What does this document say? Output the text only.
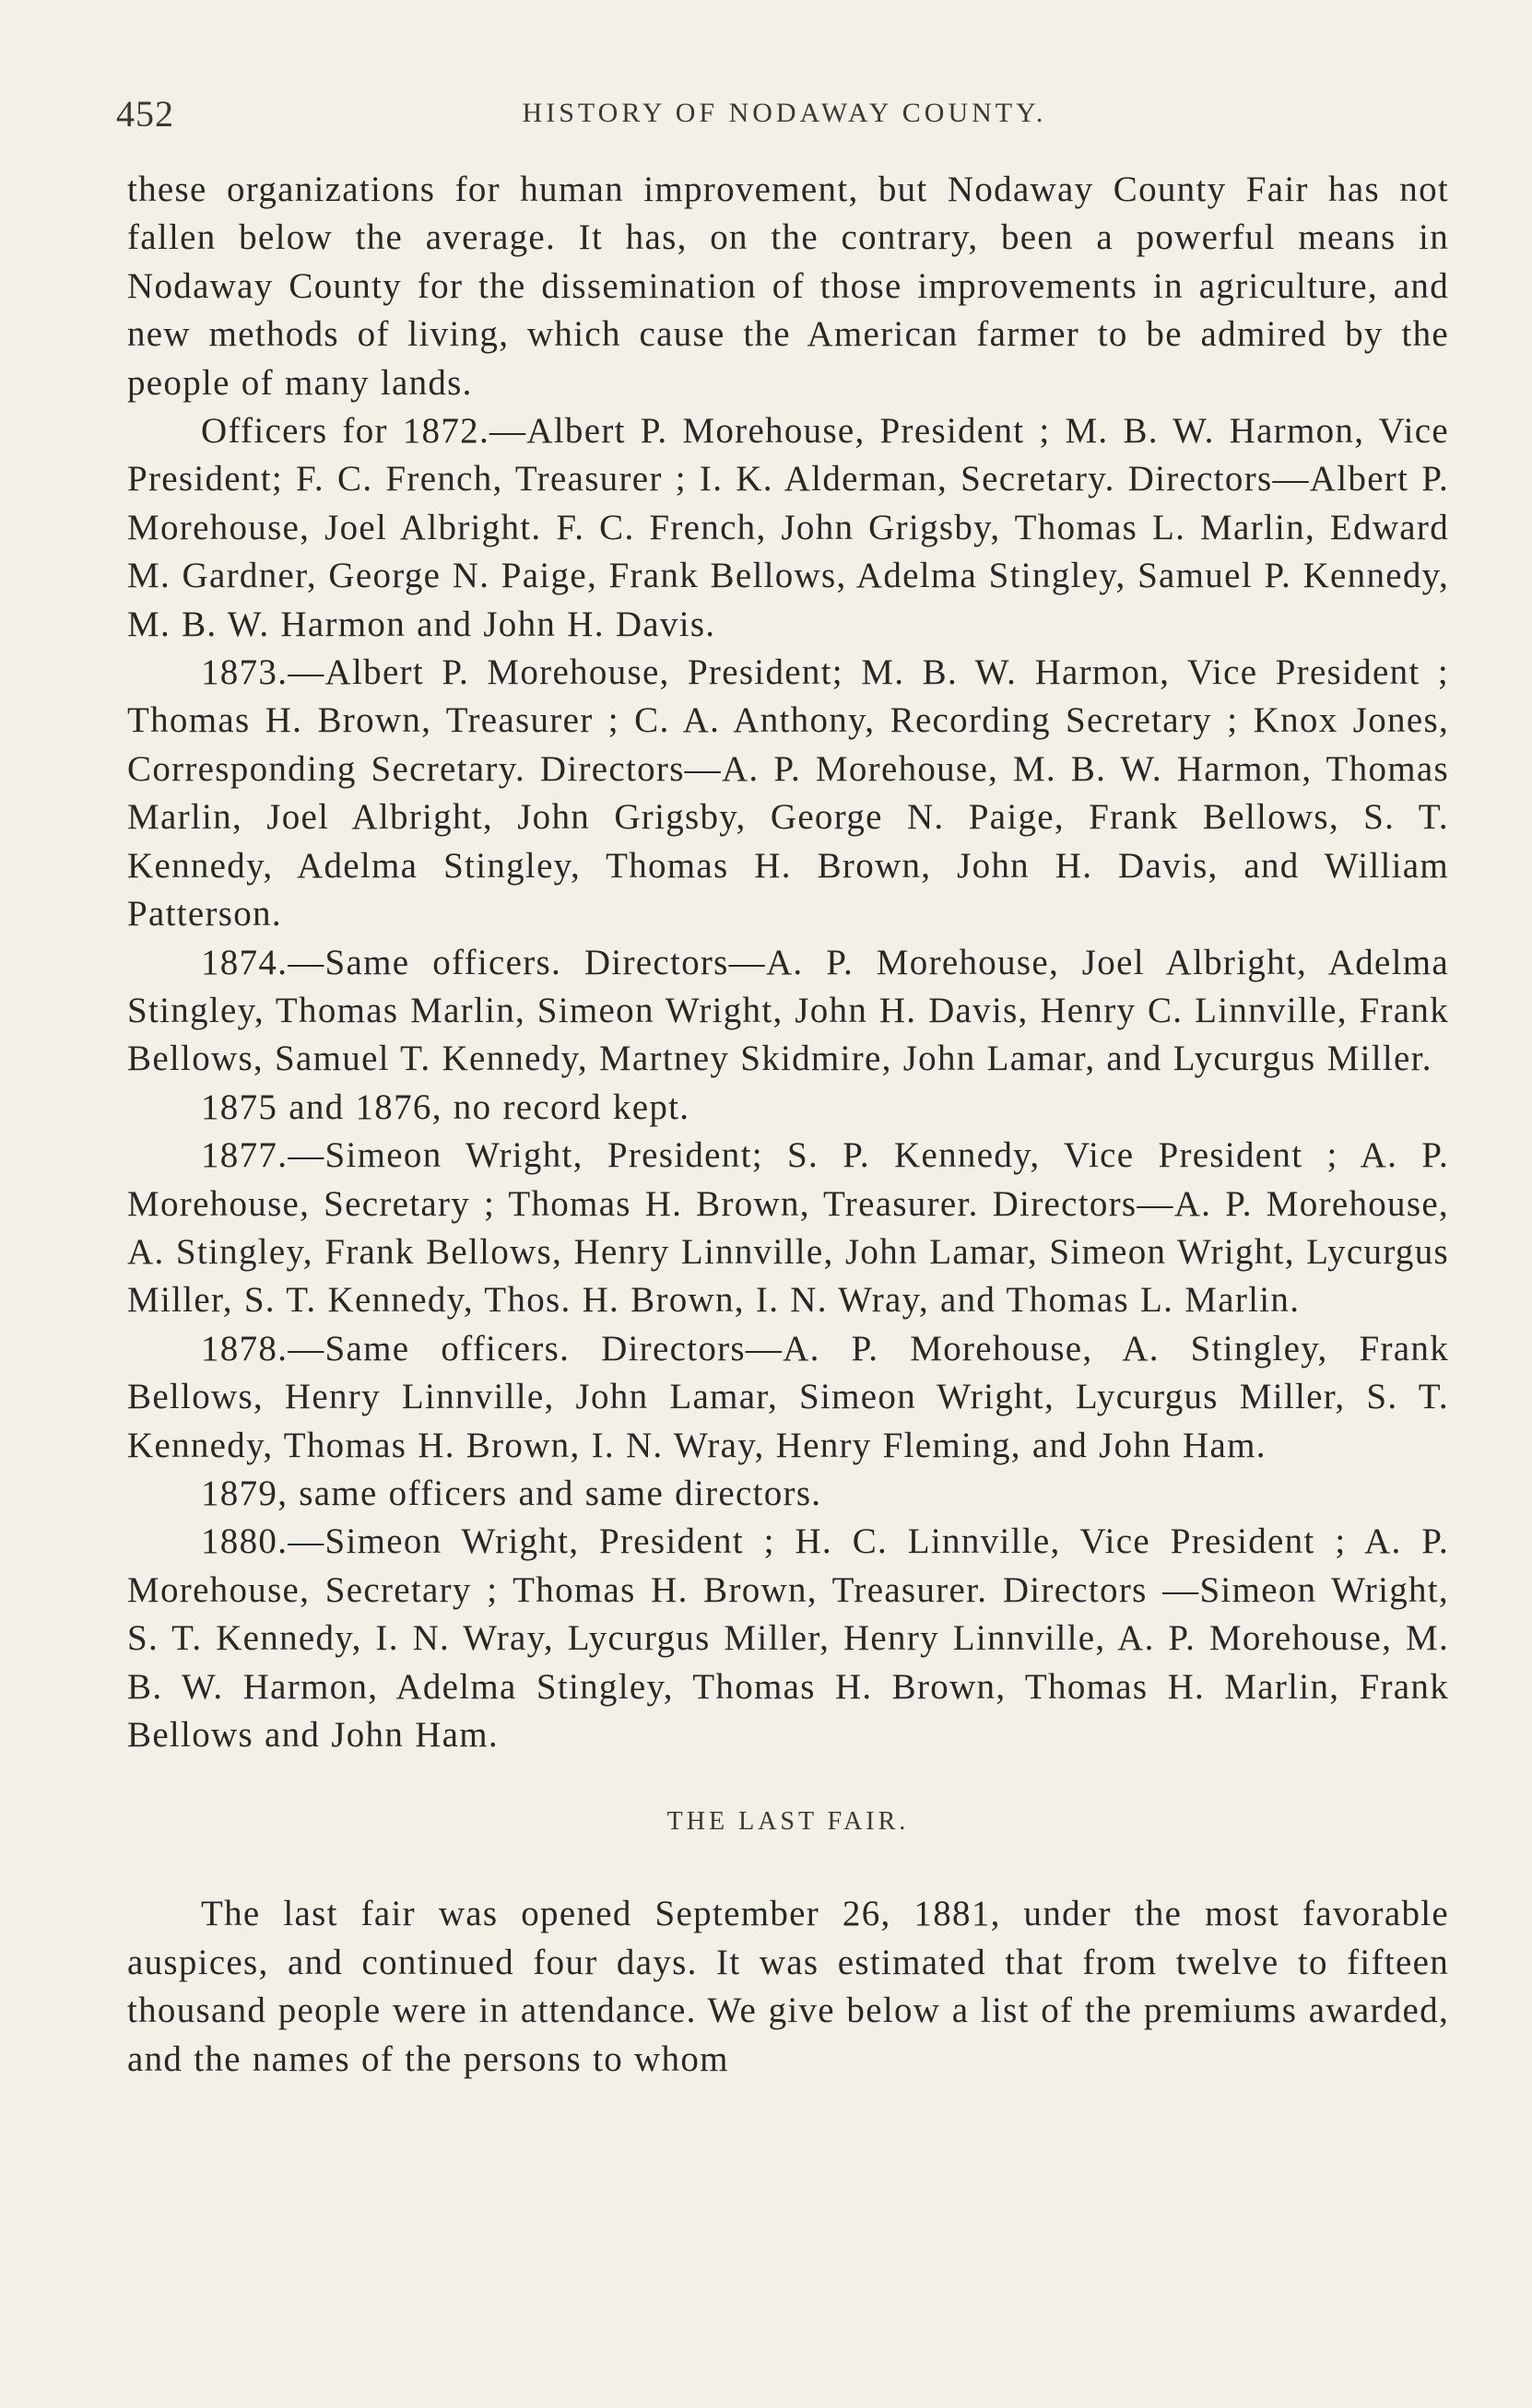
452	HISTORY OF NODAWAY COUNTY.

these organizations for human improvement, but Nodaway County Fair has not fallen below the average. It has, on the contrary, been a powerful means in Nodaway County for the dissemination of those improvements in agriculture, and new methods of living, which cause the American farmer to be admired by the people of many lands.

Officers for 1872.—Albert P. Morehouse, President ; M. B. W. Harmon, Vice President; F. C. French, Treasurer ; I. K. Alderman, Secretary. Directors—Albert P. Morehouse, Joel Albright. F. C. French, John Grigsby, Thomas L. Marlin, Edward M. Gardner, George N. Paige, Frank Bellows, Adelma Stingley, Samuel P. Kennedy, M. B. W. Harmon and John H. Davis.

1873.—Albert P. Morehouse, President; M. B. W. Harmon, Vice President ; Thomas H. Brown, Treasurer ; C. A. Anthony, Recording Secretary ; Knox Jones, Corresponding Secretary. Directors—A. P. Morehouse, M. B. W. Harmon, Thomas Marlin, Joel Albright, John Grigsby, George N. Paige, Frank Bellows, S. T. Kennedy, Adelma Stingley, Thomas H. Brown, John H. Davis, and William Patterson.

1874.—Same officers. Directors—A. P. Morehouse, Joel Albright, Adelma Stingley, Thomas Marlin, Simeon Wright, John H. Davis, Henry C. Linnville, Frank Bellows, Samuel T. Kennedy, Martney Skidmire, John Lamar, and Lycurgus Miller.

1875 and 1876, no record kept.

1877.—Simeon Wright, President; S. P. Kennedy, Vice President ; A. P. Morehouse, Secretary ; Thomas H. Brown, Treasurer. Directors—A. P. Morehouse, A. Stingley, Frank Bellows, Henry Linnville, John Lamar, Simeon Wright, Lycurgus Miller, S. T. Kennedy, Thos. H. Brown, I. N. Wray, and Thomas L. Marlin.

1878.—Same officers. Directors—A. P. Morehouse, A. Stingley, Frank Bellows, Henry Linnville, John Lamar, Simeon Wright, Lycurgus Miller, S. T. Kennedy, Thomas H. Brown, I. N. Wray, Henry Fleming, and John Ham.

1879, same officers and same directors.

1880.—Simeon Wright, President ; H. C. Linnville, Vice President ; A. P. Morehouse, Secretary ; Thomas H. Brown, Treasurer. Directors —Simeon Wright, S. T. Kennedy, I. N. Wray, Lycurgus Miller, Henry Linnville, A. P. Morehouse, M. B. W. Harmon, Adelma Stingley, Thomas H. Brown, Thomas H. Marlin, Frank Bellows and John Ham.

THE LAST FAIR.

The last fair was opened September 26, 1881, under the most favorable auspices, and continued four days. It was estimated that from twelve to fifteen thousand people were in attendance. We give below a list of the premiums awarded, and the names of the persons to whom
